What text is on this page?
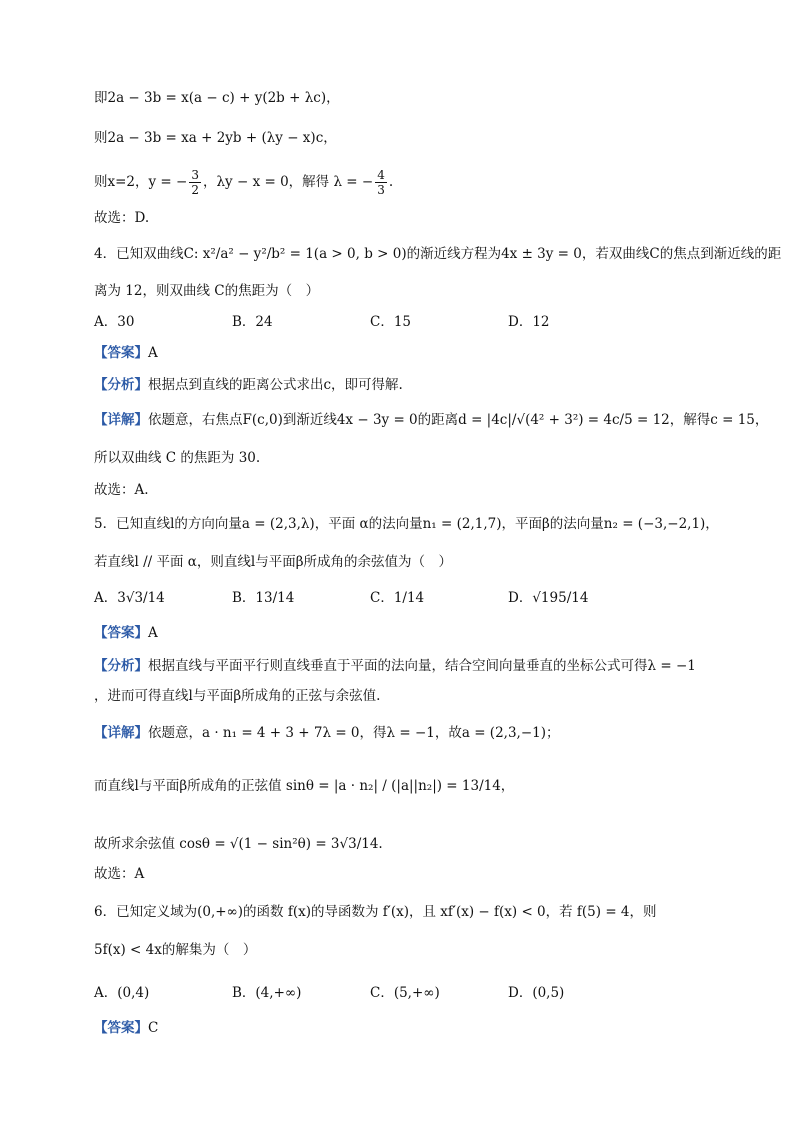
即2a − 3b = x(a − c) + y(2b + λc)，
则2a − 3b = xa + 2yb + (λy − x)c，
则x=2，y = − $\frac{3}{2}$ ，λy − x = 0，解得 λ = − $\frac{4}{3}$ .
故选：D.
4．已知双曲线C: x²/a² − y²/b² = 1(a > 0, b > 0)的渐近线方程为4x ± 3y = 0，若双曲线C的焦点到渐近线的距
离为 12，则双曲线 C的焦距为（　）
A．30	B．24	C．15	D．12
【答案】A
【分析】根据点到直线的距离公式求出c，即可得解.
【详解】依题意，右焦点F(c,0)到渐近线4x − 3y = 0的距离d = |4c|/√(4² + 3²) = 4c/5 = 12，解得c = 15，
所以双曲线 C 的焦距为 30.
故选：A.
5．已知直线l的方向向量a = (2,3,λ)，平面 α的法向量n₁ = (2,1,7)，平面β的法向量n₂ = (−3,−2,1)，
若直线l // 平面 α，则直线l与平面β所成角的余弦值为（　）
A．3√3/14	B．13/14	C．1/14	D．√195/14
【答案】A
【分析】根据直线与平面平行则直线垂直于平面的法向量，结合空间向量垂直的坐标公式可得λ = −1
，进而可得直线l与平面β所成角的正弦与余弦值.
【详解】依题意，a · n₁ = 4 + 3 + 7λ = 0，得λ = −1，故a = (2,3,−1)；
而直线l与平面β所成角的正弦值 sinθ = |a · n₂| / (|a||n₂|) = 13/14，
故所求余弦值 cosθ = √(1 − sin²θ) = 3√3/14.
故选：A
6．已知定义域为(0,+∞)的函数 f(x)的导函数为 f′(x)，且 xf′(x) − f(x) < 0，若 f(5) = 4，则
5f(x) < 4x的解集为（　）
A．(0,4)	B．(4,+∞)	C．(5,+∞)	D．(0,5)
【答案】C
